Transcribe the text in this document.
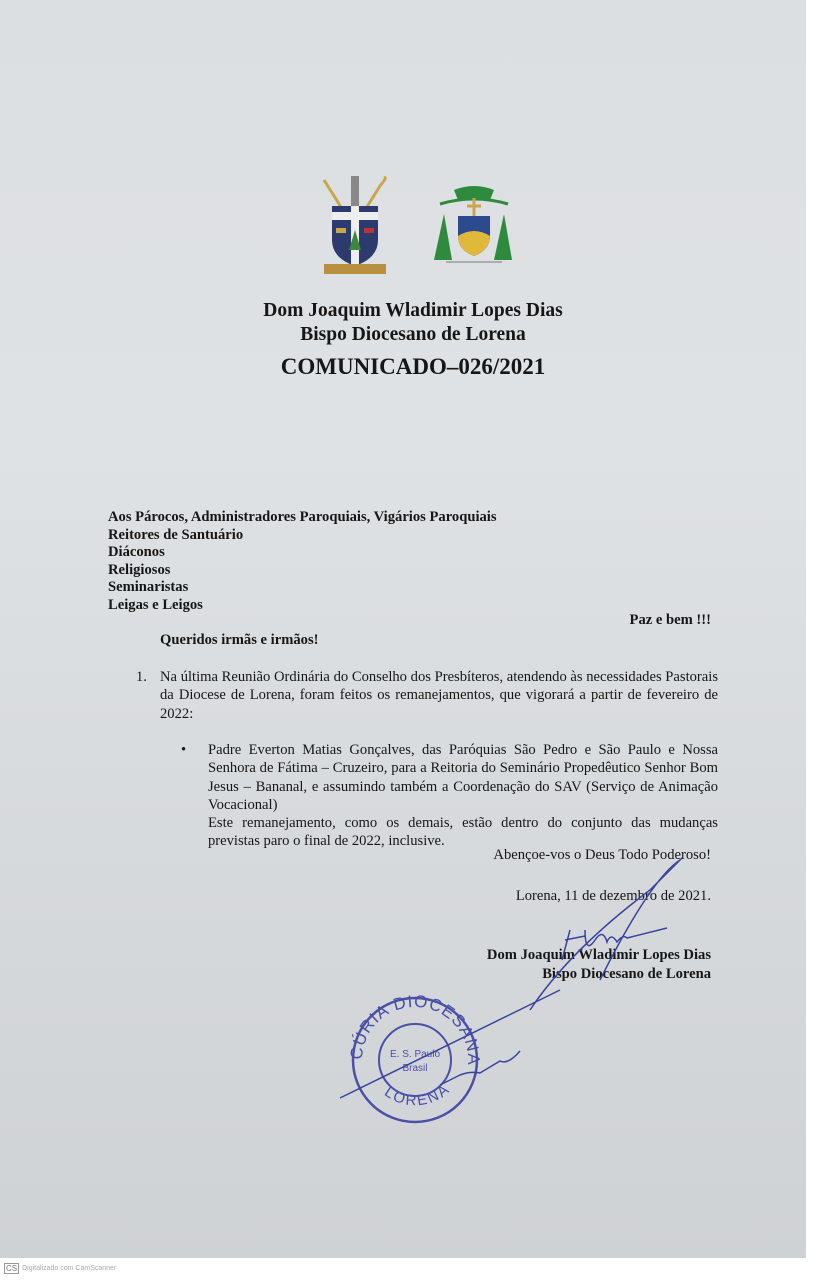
Dom Joaquim Wladimir Lopes Dias

Bispo Diocesano de Lorena

COMUNICADO–026/2021

Aos Párocos, Administradores Paroquiais, Vigários Paroquiais
Reitores de Santuário
Diáconos
Religiosos
Seminaristas
Leigas e Leigos

Paz e bem !!!

Queridos irmãs e irmãos!

1. Na última Reunião Ordinária do Conselho dos Presbíteros, atendendo às necessidades Pastorais da Diocese de Lorena, foram feitos os remanejamentos, que vigorará a partir de fevereiro de 2022:

• Padre Everton Matias Gonçalves, das Paróquias São Pedro e São Paulo e Nossa Senhora de Fátima – Cruzeiro, para a Reitoria do Seminário Propedêutico Senhor Bom Jesus – Bananal, e assumindo também a Coordenação do SAV (Serviço de Animação Vocacional)
Este remanejamento, como os demais, estão dentro do conjunto das mudanças previstas paro o final de 2022, inclusive.

Abençoe-vos o Deus Todo Poderoso!

Lorena, 11 de dezembro de 2021.

Dom Joaquim Wladimir Lopes Dias

Bispo Diocesano de Lorena

CÚRIA DIOCESANA
LORENA
E. S. Paulo
Brasil
CS Digitalizado com CamScanner
